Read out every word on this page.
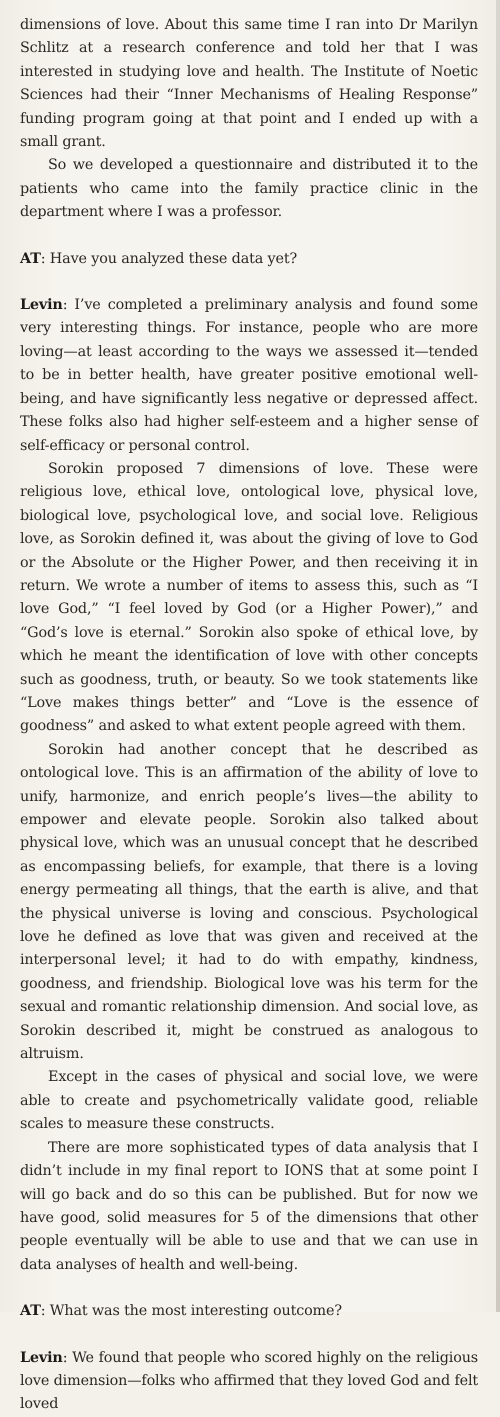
dimensions of love. About this same time I ran into Dr Marilyn Schlitz at a research conference and told her that I was interested in studying love and health. The Institute of Noetic Sciences had their “Inner Mechanisms of Healing Response” funding program going at that point and I ended up with a small grant.

So we developed a questionnaire and distributed it to the patients who came into the family practice clinic in the department where I was a professor.

AT: Have you analyzed these data yet?

Levin: I’ve completed a preliminary analysis and found some very interesting things. For instance, people who are more loving—at least according to the ways we assessed it—tended to be in better health, have greater positive emotional well-being, and have significantly less negative or depressed affect. These folks also had higher self-esteem and a higher sense of self-efficacy or personal control.

Sorokin proposed 7 dimensions of love. These were religious love, ethical love, ontological love, physical love, biological love, psychological love, and social love. Religious love, as Sorokin defined it, was about the giving of love to God or the Absolute or the Higher Power, and then receiving it in return. We wrote a number of items to assess this, such as “I love God,” “I feel loved by God (or a Higher Power),” and “God’s love is eternal.” Sorokin also spoke of ethical love, by which he meant the identification of love with other concepts such as goodness, truth, or beauty. So we took statements like “Love makes things better” and “Love is the essence of goodness” and asked to what extent people agreed with them.

Sorokin had another concept that he described as ontological love. This is an affirmation of the ability of love to unify, harmonize, and enrich people’s lives—the ability to empower and elevate people. Sorokin also talked about physical love, which was an unusual concept that he described as encompassing beliefs, for example, that there is a loving energy permeating all things, that the earth is alive, and that the physical universe is loving and conscious. Psychological love he defined as love that was given and received at the interpersonal level; it had to do with empathy, kindness, goodness, and friendship. Biological love was his term for the sexual and romantic relationship dimension. And social love, as Sorokin described it, might be construed as analogous to altruism.

Except in the cases of physical and social love, we were able to create and psychometrically validate good, reliable scales to measure these constructs.

There are more sophisticated types of data analysis that I didn’t include in my final report to IONS that at some point I will go back and do so this can be published. But for now we have good, solid measures for 5 of the dimensions that other people eventually will be able to use and that we can use in data analyses of health and well-being.

AT: What was the most interesting outcome?

Levin: We found that people who scored highly on the religious love dimension—folks who affirmed that they loved God and felt loved
